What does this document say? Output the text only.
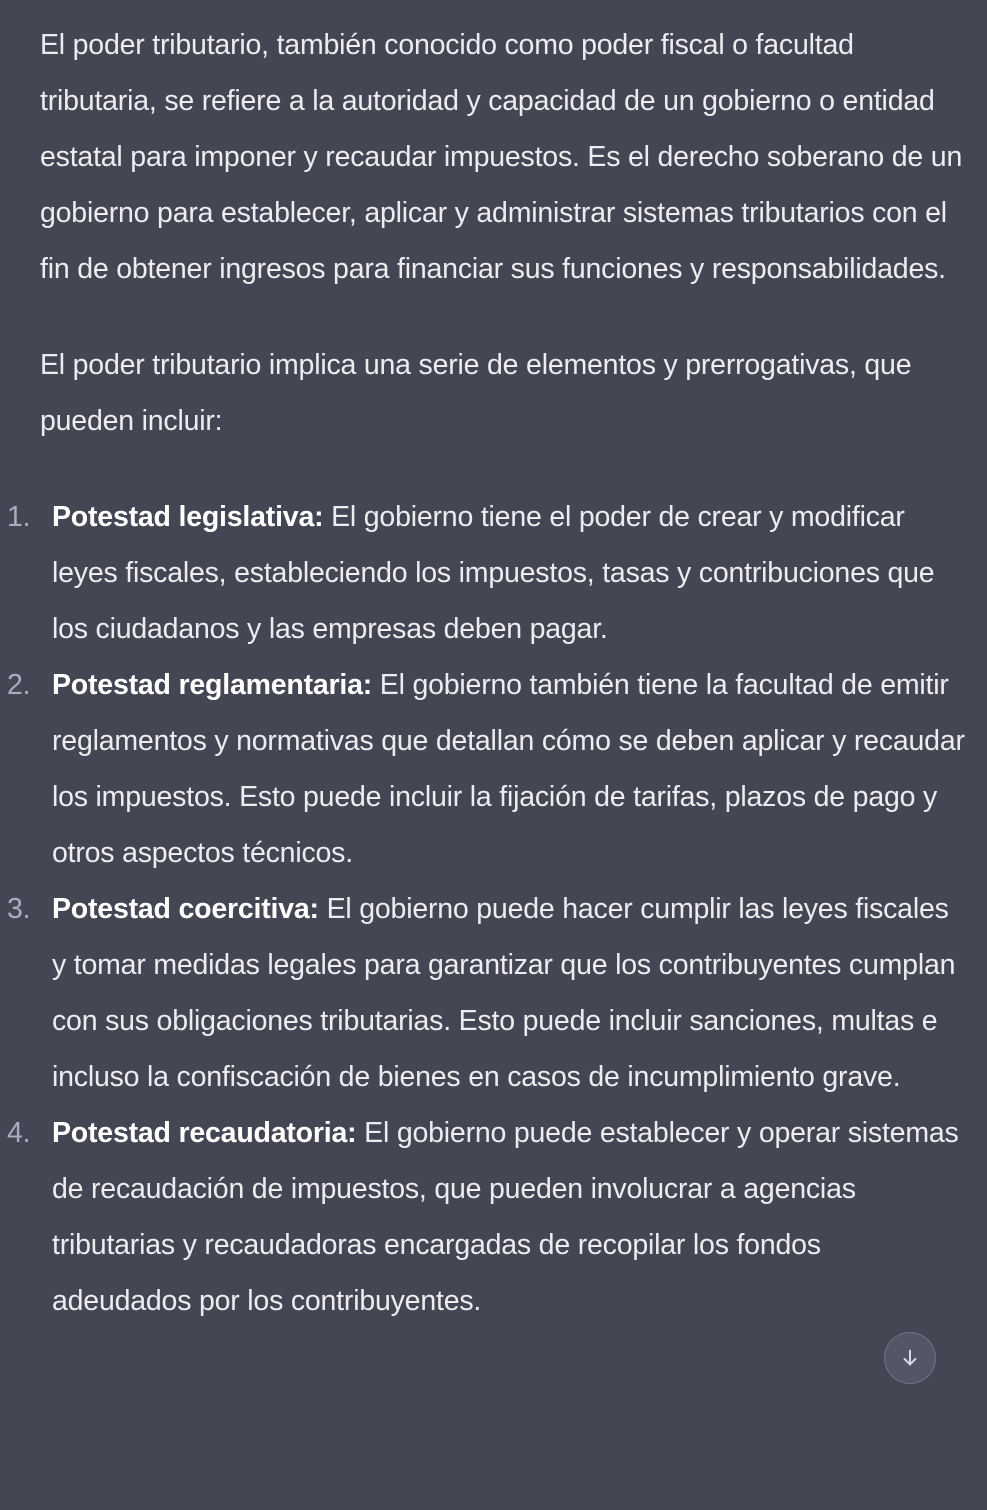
El poder tributario, también conocido como poder fiscal o facultad tributaria, se refiere a la autoridad y capacidad de un gobierno o entidad estatal para imponer y recaudar impuestos. Es el derecho soberano de un gobierno para establecer, aplicar y administrar sistemas tributarios con el fin de obtener ingresos para financiar sus funciones y responsabilidades.

El poder tributario implica una serie de elementos y prerrogativas, que pueden incluir:

1. Potestad legislativa: El gobierno tiene el poder de crear y modificar leyes fiscales, estableciendo los impuestos, tasas y contribuciones que los ciudadanos y las empresas deben pagar.
2. Potestad reglamentaria: El gobierno también tiene la facultad de emitir reglamentos y normativas que detallan cómo se deben aplicar y recaudar los impuestos. Esto puede incluir la fijación de tarifas, plazos de pago y otros aspectos técnicos.
3. Potestad coercitiva: El gobierno puede hacer cumplir las leyes fiscales y tomar medidas legales para garantizar que los contribuyentes cumplan con sus obligaciones tributarias. Esto puede incluir sanciones, multas e incluso la confiscación de bienes en casos de incumplimiento grave.
4. Potestad recaudatoria: El gobierno puede establecer y operar sistemas de recaudación de impuestos, que pueden involucrar a agencias tributarias y recaudadoras encargadas de recopilar los fondos adeudados por los contribuyentes.
